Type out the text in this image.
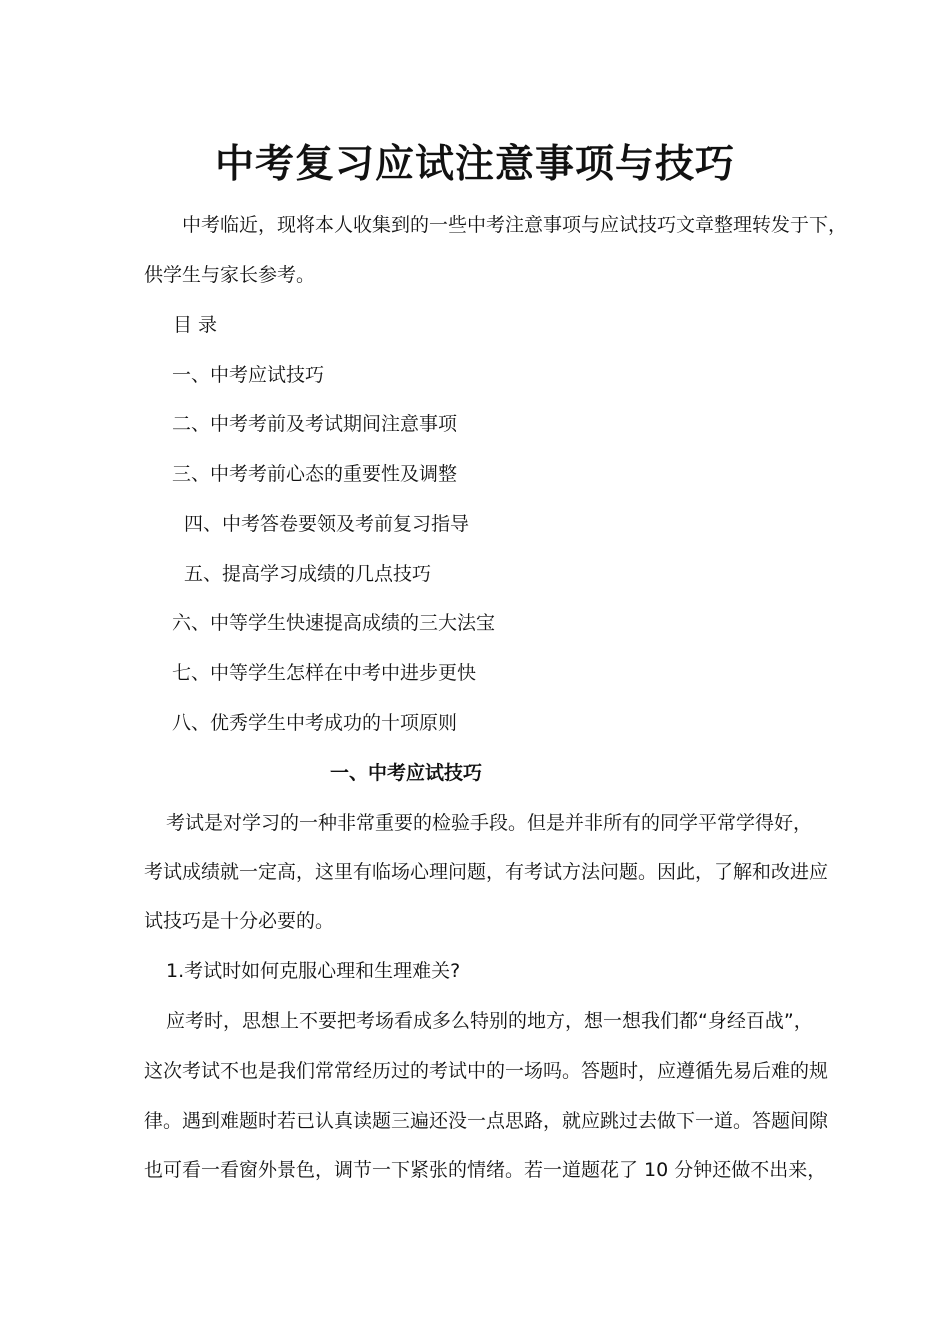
中考复习应试注意事项与技巧
中考临近，现将本人收集到的一些中考注意事项与应试技巧文章整理转发于下，
供学生与家长参考。
目 录
一、中考应试技巧
二、中考考前及考试期间注意事项
三、中考考前心态的重要性及调整
四、中考答卷要领及考前复习指导
五、提高学习成绩的几点技巧
六、中等学生快速提高成绩的三大法宝
七、中等学生怎样在中考中进步更快
八、优秀学生中考成功的十项原则
一、中考应试技巧
考试是对学习的一种非常重要的检验手段。但是并非所有的同学平常学得好，
考试成绩就一定高，这里有临场心理问题，有考试方法问题。因此，了解和改进应
试技巧是十分必要的。
1.考试时如何克服心理和生理难关?
应考时，思想上不要把考场看成多么特别的地方，想一想我们都“身经百战”，
这次考试不也是我们常常经历过的考试中的一场吗。答题时，应遵循先易后难的规
律。遇到难题时若已认真读题三遍还没一点思路，就应跳过去做下一道。答题间隙
也可看一看窗外景色，调节一下紧张的情绪。若一道题花了 10 分钟还做不出来，
